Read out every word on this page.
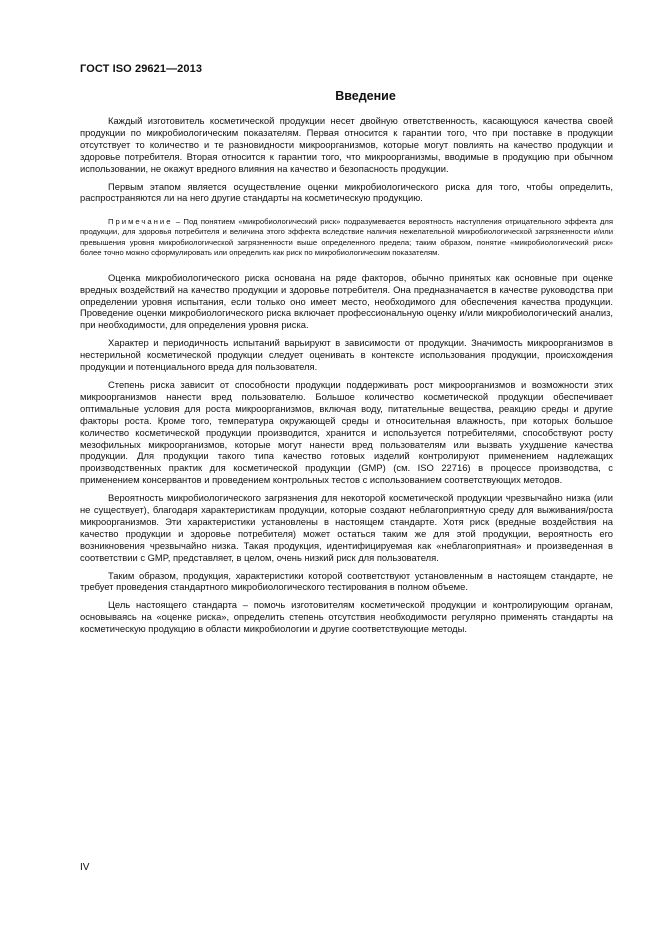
ГОСТ ISO 29621—2013
Введение

Каждый изготовитель косметической продукции несет двойную ответственность, касающуюся качества своей продукции по микробиологическим показателям. Первая относится к гарантии того, что при поставке в продукции отсутствует то количество и те разновидности микроорганизмов, которые могут повлиять на качество продукции и здоровье потребителя. Вторая относится к гарантии того, что микроорганизмы, вводимые в продукцию при обычном использовании, не окажут вредного влияния на качество и безопасность продукции.

Первым этапом является осуществление оценки микробиологического риска для того, чтобы определить, распространяются ли на него другие стандарты на косметическую продукцию.

Примечание – Под понятием «микробиологический риск» подразумевается вероятность наступления отрицательного эффекта для продукции, для здоровья потребителя и величина этого эффекта вследствие наличия нежелательной микробиологической загрязненности и/или превышения уровня микробиологической загрязненности выше определенного предела; таким образом, понятие «микробиологический риск» более точно можно сформулировать или определить как риск по микробиологическим показателям.

Оценка микробиологического риска основана на ряде факторов, обычно принятых как основные при оценке вредных воздействий на качество продукции и здоровье потребителя. Она предназначается в качестве руководства при определении уровня испытания, если только оно имеет место, необходимого для обеспечения качества продукции. Проведение оценки микробиологического риска включает профессиональную оценку и/или микробиологический анализ, при необходимости, для определения уровня риска.

Характер и периодичность испытаний варьируют в зависимости от продукции. Значимость микроорганизмов в нестерильной косметической продукции следует оценивать в контексте использования продукции, происхождения продукции и потенциального вреда для пользователя.

Степень риска зависит от способности продукции поддерживать рост микроорганизмов и возможности этих микроорганизмов нанести вред пользователю. Большое количество косметической продукции обеспечивает оптимальные условия для роста микроорганизмов, включая воду, питательные вещества, реакцию среды и другие факторы роста. Кроме того, температура окружающей среды и относительная влажность, при которых большое количество косметической продукции производится, хранится и используется потребителями, способствуют росту мезофильных микроорганизмов, которые могут нанести вред пользователям или вызвать ухудшение качества продукции. Для продукции такого типа качество готовых изделий контролируют применением надлежащих производственных практик для косметической продукции (GMP) (см. ISO 22716) в процессе производства, с применением консервантов и проведением контрольных тестов с использованием соответствующих методов.

Вероятность микробиологического загрязнения для некоторой косметической продукции чрезвычайно низка (или не существует), благодаря характеристикам продукции, которые создают неблагоприятную среду для выживания/роста микроорганизмов. Эти характеристики установлены в настоящем стандарте. Хотя риск (вредные воздействия на качество продукции и здоровье потребителя) может остаться таким же для этой продукции, вероятность его возникновения чрезвычайно низка. Такая продукция, идентифицируемая как «неблагоприятная» и произведенная в соответствии с GMP, представляет, в целом, очень низкий риск для пользователя.

Таким образом, продукция, характеристики которой соответствуют установленным в настоящем стандарте, не требует проведения стандартного микробиологического тестирования в полном объеме.

Цель настоящего стандарта – помочь изготовителям косметической продукции и контролирующим органам, основываясь на «оценке риска», определить степень отсутствия необходимости регулярно применять стандарты на косметическую продукцию в области микробиологии и другие соответствующие методы.

IV
